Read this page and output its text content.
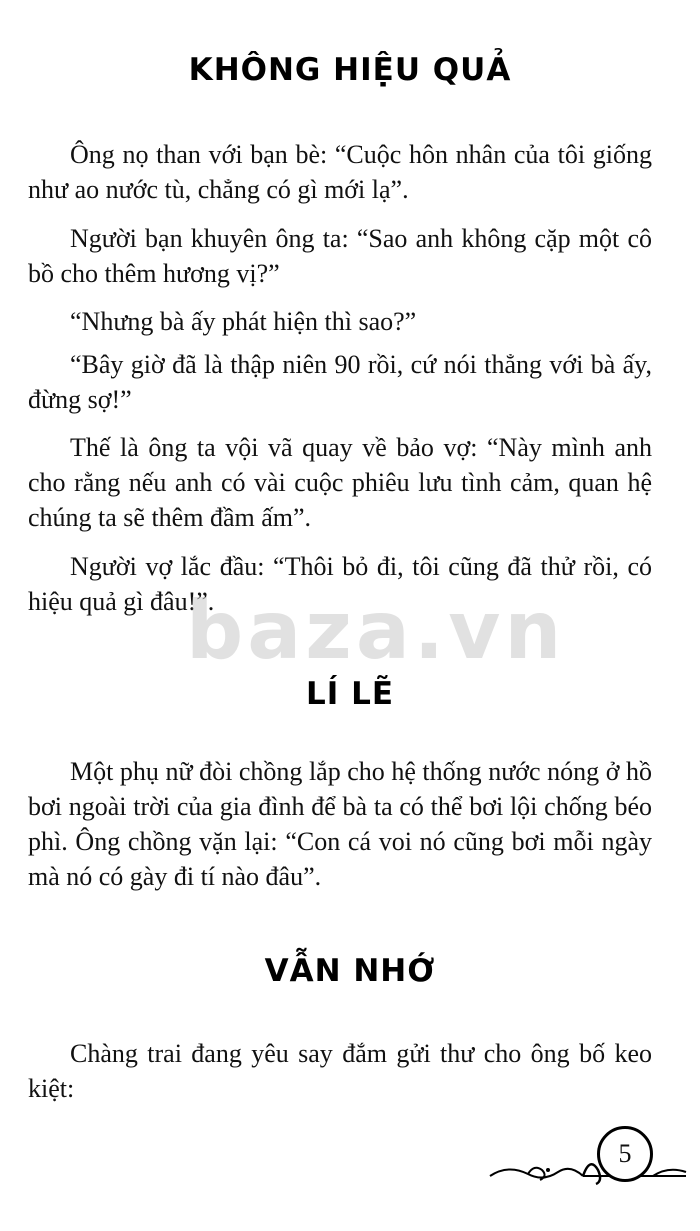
KHÔNG HIỆU QUẢ
Ông nọ than với bạn bè: “Cuộc hôn nhân của tôi giống như ao nước tù, chẳng có gì mới lạ”.
Người bạn khuyên ông ta: “Sao anh không cặp một cô bồ cho thêm hương vị?”
“Nhưng bà ấy phát hiện thì sao?”
“Bây giờ đã là thập niên 90 rồi, cứ nói thẳng với bà ấy, đừng sợ!”
Thế là ông ta vội vã quay về bảo vợ: “Này mình anh cho rằng nếu anh có vài cuộc phiêu lưu tình cảm, quan hệ chúng ta sẽ thêm đầm ấm”.
Người vợ lắc đầu: “Thôi bỏ đi, tôi cũng đã thử rồi, có hiệu quả gì đâu!”.
baza.vn
LÍ LẼ
Một phụ nữ đòi chồng lắp cho hệ thống nước nóng ở hồ bơi ngoài trời của gia đình để bà ta có thể bơi lội chống béo phì. Ông chồng vặn lại: “Con cá voi nó cũng bơi mỗi ngày mà nó có gày đi tí nào đâu”.
VẪN NHỚ
Chàng trai đang yêu say đắm gửi thư cho ông bố keo kiệt:
5
